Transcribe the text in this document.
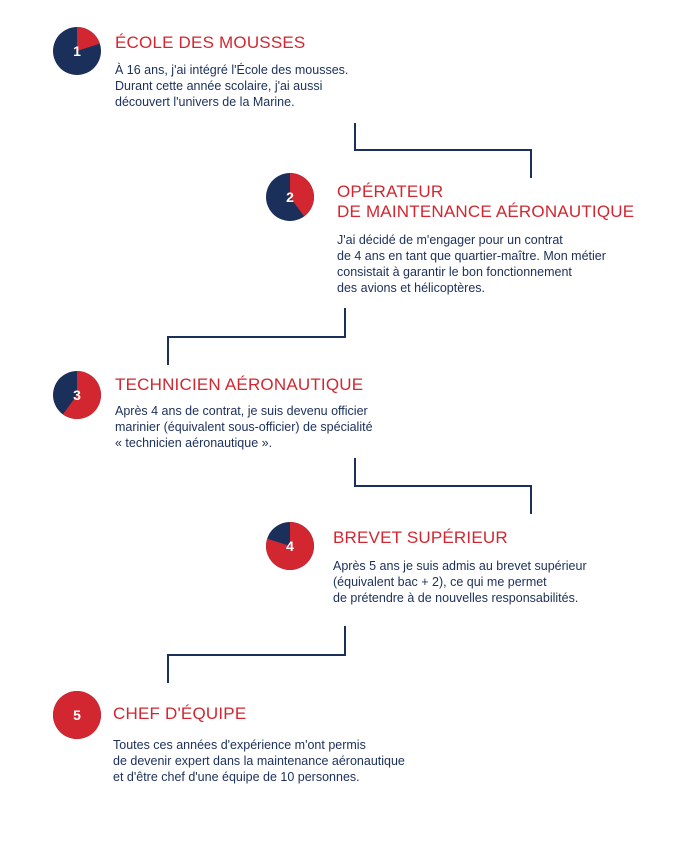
1 ÉCOLE DES MOUSSES

À 16 ans, j'ai intégré l'École des mousses.
Durant cette année scolaire, j'ai aussi
découvert l'univers de la Marine.

2	OPÉRATEUR
DE MAINTENANCE AÉRONAUTIQUE

J'ai décidé de m'engager pour un contrat
de 4 ans en tant que quartier-maître. Mon métier
consistait à garantir le bon fonctionnement
des avions et hélicoptères.

3
TECHNICIEN AÉRONAUTIQUE

Après 4 ans de contrat, je suis devenu officier
marinier (équivalent sous-officier) de spécialité
« technicien aéronautique ».

4 BREVET SUPÉRIEUR

Après 5 ans je suis admis au brevet supérieur
(équivalent bac + 2), ce qui me permet
de prétendre à de nouvelles responsabilités.

5 CHEF D'ÉQUIPE

Toutes ces années d'expérience m'ont permis
de devenir expert dans la maintenance aéronautique
et d'être chef d'une équipe de 10 personnes.
